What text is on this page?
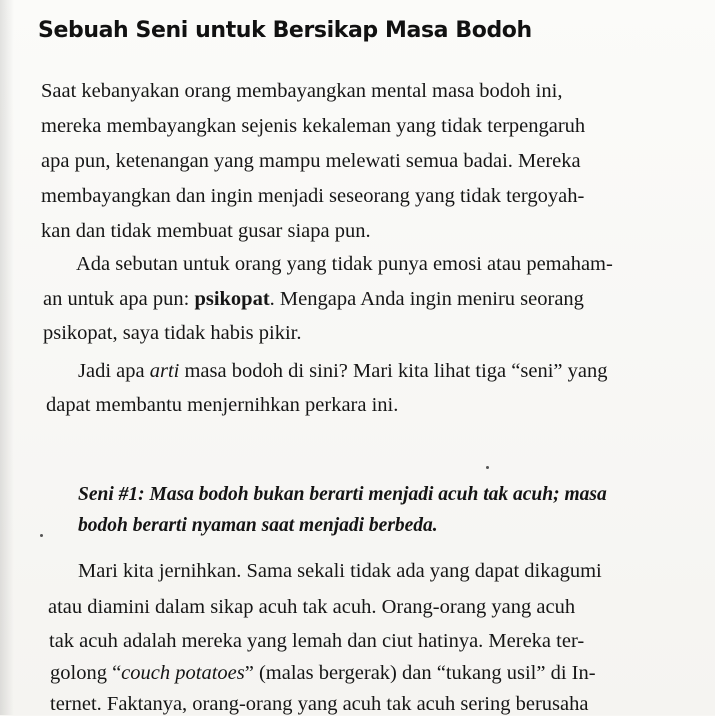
Sebuah Seni untuk Bersikap Masa Bodoh

Saat kebanyakan orang membayangkan mental masa bodoh ini,

mereka membayangkan sejenis kekaleman yang tidak terpengaruh

apa pun, ketenangan yang mampu melewati semua badai. Mereka

membayangkan dan ingin menjadi seseorang yang tidak tergoyah-

kan dan tidak membuat gusar siapa pun.

Ada sebutan untuk orang yang tidak punya emosi atau pemaham-

an untuk apa pun: psikopat. Mengapa Anda ingin meniru seorang

psikopat, saya tidak habis pikir.

Jadi apa arti masa bodoh di sini? Mari kita lihat tiga “seni” yang

dapat membantu menjernihkan perkara ini.

Seni #1: Masa bodoh bukan berarti menjadi acuh tak acuh; masa

bodoh berarti nyaman saat menjadi berbeda.

Mari kita jernihkan. Sama sekali tidak ada yang dapat dikagumi

atau diamini dalam sikap acuh tak acuh. Orang-orang yang acuh

tak acuh adalah mereka yang lemah dan ciut hatinya. Mereka ter-

golong “couch potatoes” (malas bergerak) dan “tukang usil” di In-

ternet. Faktanya, orang-orang yang acuh tak acuh sering berusaha
